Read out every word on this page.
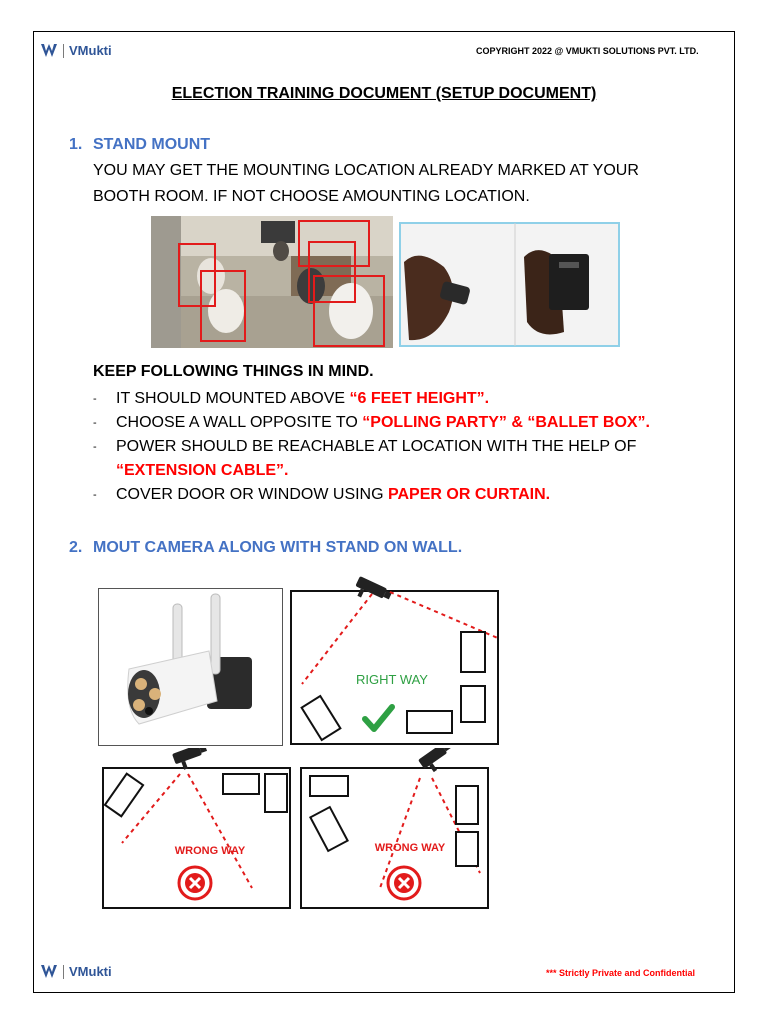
VMukti	COPYRIGHT 2022 @ VMUKTI SOLUTIONS PVT. LTD.
ELECTION TRAINING DOCUMENT (SETUP DOCUMENT)
1. STAND MOUNT
YOU MAY GET THE MOUNTING LOCATION ALREADY MARKED AT YOUR
BOOTH ROOM. IF NOT CHOOSE AMOUNTING LOCATION.
KEEP FOLLOWING THINGS IN MIND.
-	IT SHOULD MOUNTED ABOVE “6 FEET HEIGHT”.
-	CHOOSE A WALL OPPOSITE TO “POLLING PARTY” & “BALLET BOX”.
-	POWER SHOULD BE REACHABLE AT LOCATION WITH THE HELP OF
“EXTENSION CABLE”.
-	COVER DOOR OR WINDOW USING PAPER OR CURTAIN.
2. MOUT CAMERA ALONG WITH STAND ON WALL.
RIGHT WAY
WRONG WAY	WRONG WAY
VMukti	*** Strictly Private and Confidential
